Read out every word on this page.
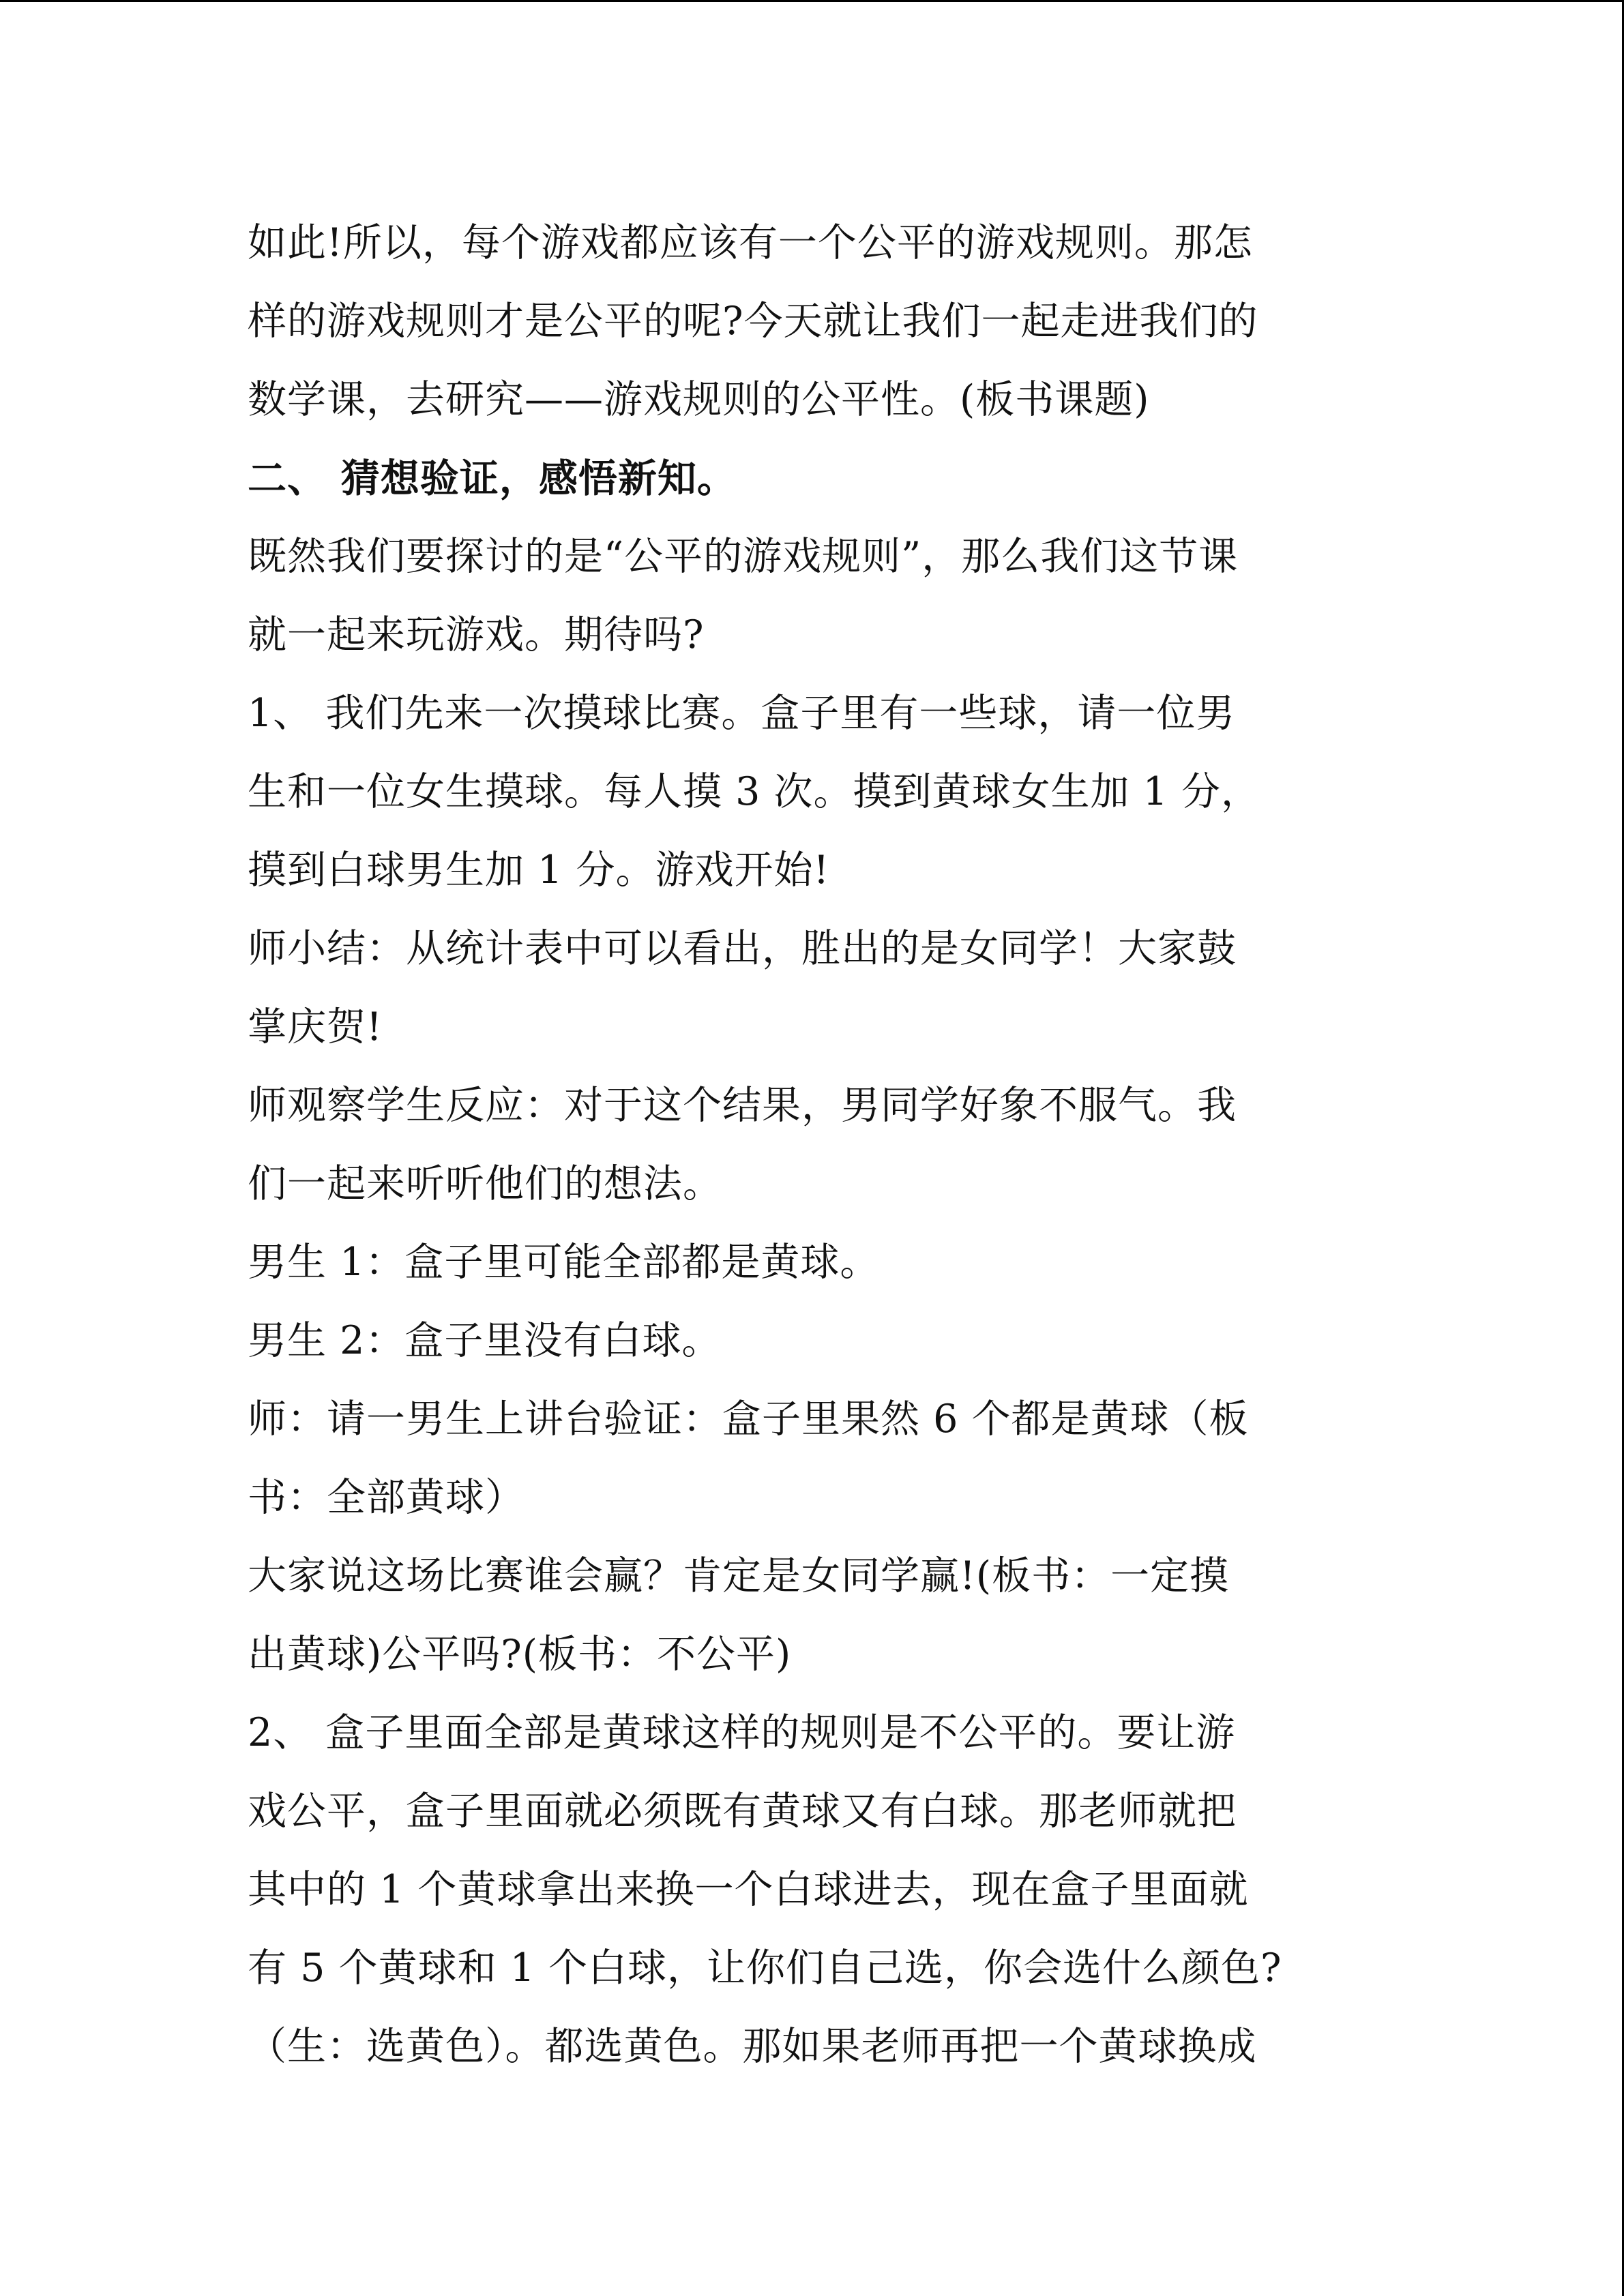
如此!所以，每个游戏都应该有一个公平的游戏规则。那怎
样的游戏规则才是公平的呢?今天就让我们一起走进我们的
数学课，去研究——游戏规则的公平性。(板书课题)
二、 猜想验证，感悟新知。
既然我们要探讨的是“公平的游戏规则”，那么我们这节课
就一起来玩游戏。期待吗?
1、 我们先来一次摸球比赛。盒子里有一些球，请一位男
生和一位女生摸球。每人摸 3 次。摸到黄球女生加 1 分，
摸到白球男生加 1 分。游戏开始!
师小结：从统计表中可以看出，胜出的是女同学！大家鼓
掌庆贺!
师观察学生反应：对于这个结果，男同学好象不服气。我
们一起来听听他们的想法。
男生 1：盒子里可能全部都是黄球。
男生 2：盒子里没有白球。
师：请一男生上讲台验证：盒子里果然 6 个都是黄球（板
书：全部黄球）
大家说这场比赛谁会赢？肯定是女同学赢!(板书：一定摸
出黄球)公平吗?(板书：不公平)
2、 盒子里面全部是黄球这样的规则是不公平的。要让游
戏公平，盒子里面就必须既有黄球又有白球。那老师就把
其中的 1 个黄球拿出来换一个白球进去，现在盒子里面就
有 5 个黄球和 1 个白球，让你们自己选，你会选什么颜色?
（生：选黄色）。都选黄色。那如果老师再把一个黄球换成
